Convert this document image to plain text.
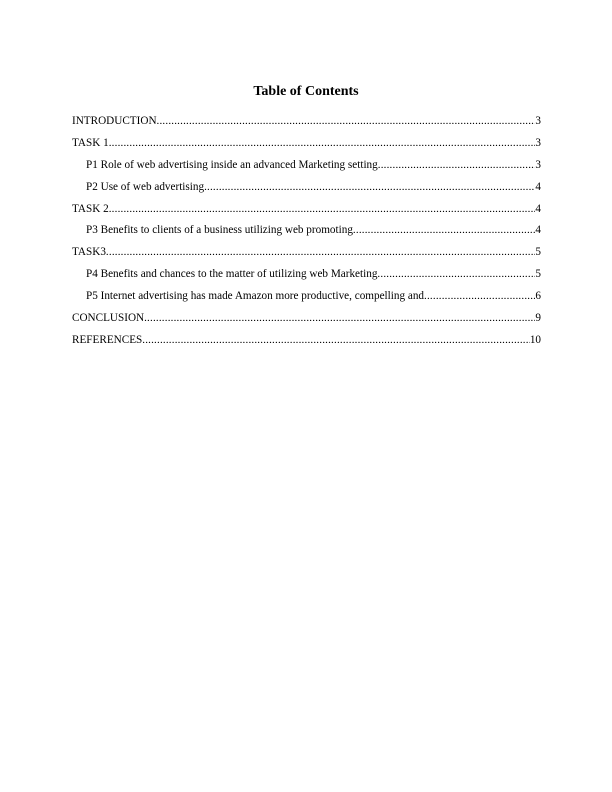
Table of Contents
INTRODUCTION .....	3
TASK 1 .....	3
P1 Role of web advertising inside an advanced Marketing setting .....	3
P2 Use of web advertising .....	4
TASK 2 .....	4
P3 Benefits to clients of a business utilizing web promoting .....	4
TASK3 .....	5
P4 Benefits and chances to the matter of utilizing web Marketing .....	5
P5 Internet advertising has made Amazon more productive, compelling and .....	6
CONCLUSION .....	9
REFERENCES .....	10
